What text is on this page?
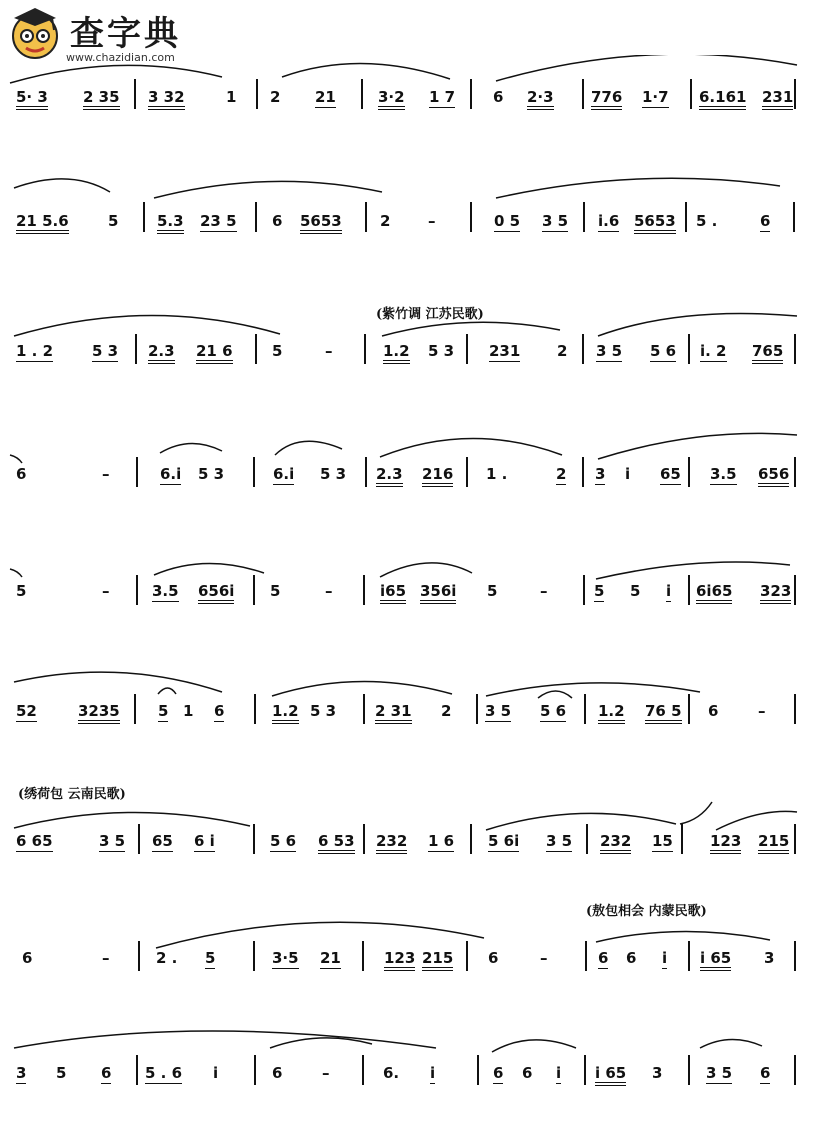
查字典
www.chazidian.com
(紫竹调 江苏民歌)
(绣荷包 云南民歌)
(敖包相会 内蒙民歌)
5· 3 2 35 3 32	1 2 21	3·2 1 7	6 2·3 776 1·7 6.161 231
21 5.6	5	5.3 23 5 6 5653	2	–	0 5 3 5 i.6 5653 5 .	6
1 . 2	5 3 2.3 21 6	5	–	1.2 5 3 231 2 3 5 5 6 i. 2 765
6	–	6.i 5 3	6.i 5 3 2.3 216 1 .	2 3 i 65 3.5 656
5	–	3.5 656i 5	–	i65 356i 5	–	5 5 i 6i65 323
52	3235	5 1 6	1.2 5 3	2 31 2 3 5 5 6 1.2 76 5 6	–
6 65	3 5 65 6 i	5 6 6 53 232 1 6 5 6i 3 5 232 15 123 215
6	–	2 . 5	3·5 21	123 215 6	–	6 6 i i 65 3
3 5 6 5 . 6 i	6	–	6. i	6 6 i i 65 3	3 5 6
